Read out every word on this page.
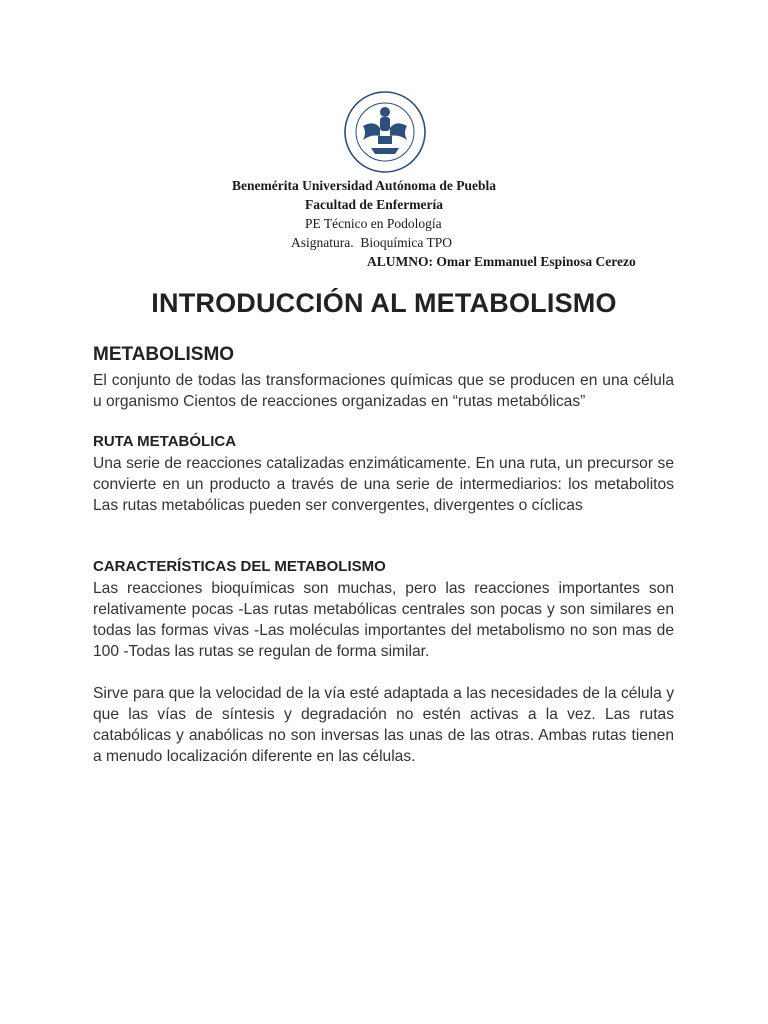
Benemérita Universidad Autónoma de Puebla
Facultad de Enfermería
PE Técnico en Podología
Asignatura.  Bioquímica TPO
ALUMNO: Omar Emmanuel Espinosa Cerezo
INTRODUCCIÓN AL METABOLISMO
METABOLISMO
El conjunto de todas las transformaciones químicas que se producen en una célula u organismo Cientos de reacciones organizadas en “rutas metabólicas”
RUTA METABÓLICA
Una serie de reacciones catalizadas enzimáticamente. En una ruta, un precursor se convierte en un producto a través de una serie de intermediarios: los metabolitos Las rutas metabólicas pueden ser convergentes, divergentes o cíclicas
CARACTERÍSTICAS DEL METABOLISMO
Las reacciones bioquímicas son muchas, pero las reacciones importantes son relativamente pocas -Las rutas metabólicas centrales son pocas y son similares en todas las formas vivas -Las moléculas importantes del metabolismo no son mas de 100 -Todas las rutas se regulan de forma similar.
Sirve para que la velocidad de la vía esté adaptada a las necesidades de la célula y que las vías de síntesis y degradación no estén activas a la vez. Las rutas catabólicas y anabólicas no son inversas las unas de las otras. Ambas rutas tienen a menudo localización diferente en las células.
